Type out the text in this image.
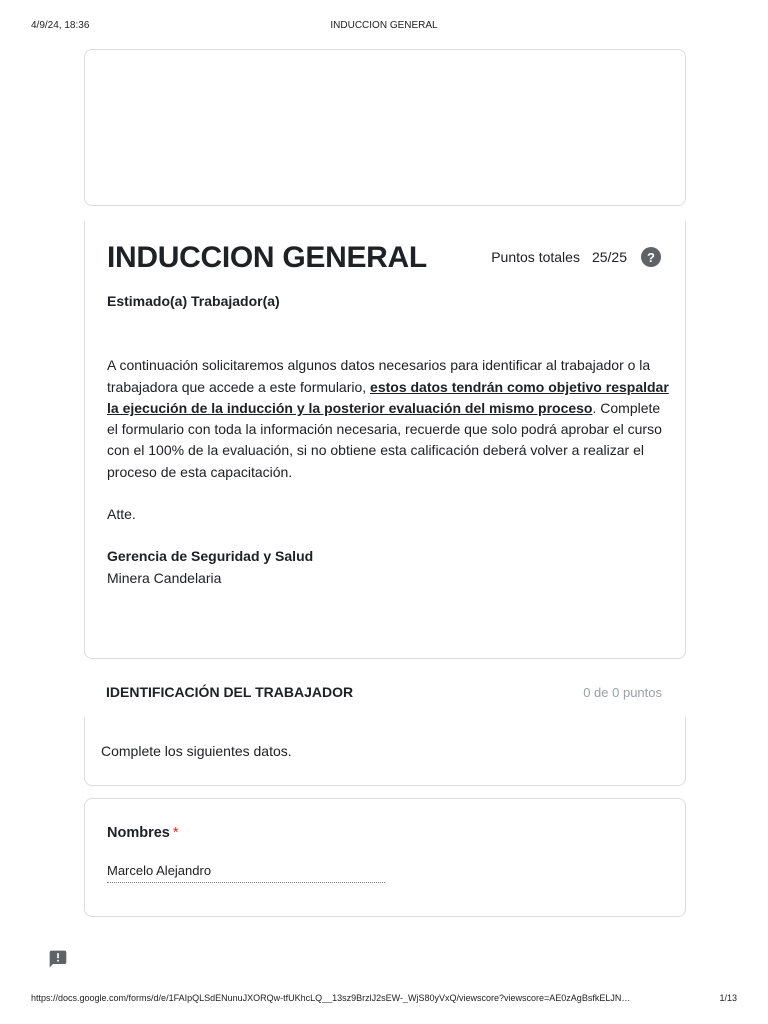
4/9/24, 18:36	INDUCCION GENERAL
INDUCCION GENERAL	Puntos totales 25/25	?
Estimado(a) Trabajador(a)
A continuación solicitaremos algunos datos necesarios para identificar al trabajador o la trabajadora que accede a este formulario, estos datos tendrán como objetivo respaldar la ejecución de la inducción y la posterior evaluación del mismo proceso. Complete el formulario con toda la información necesaria, recuerde que solo podrá aprobar el curso con el 100% de la evaluación, si no obtiene esta calificación deberá volver a realizar el proceso de esta capacitación.
Atte.
Gerencia de Seguridad y Salud
Minera Candelaria
IDENTIFICACIÓN DEL TRABAJADOR	0 de 0 puntos
Complete los siguientes datos.
Nombres *
Marcelo Alejandro
https://docs.google.com/forms/d/e/1FAIpQLSdENunuJXORQw-tfUKhcLQ__13sz9BrzlJ2sEW-_WjS80yVxQ/viewscore?viewscore=AE0zAgBsfkELJN…	1/13
